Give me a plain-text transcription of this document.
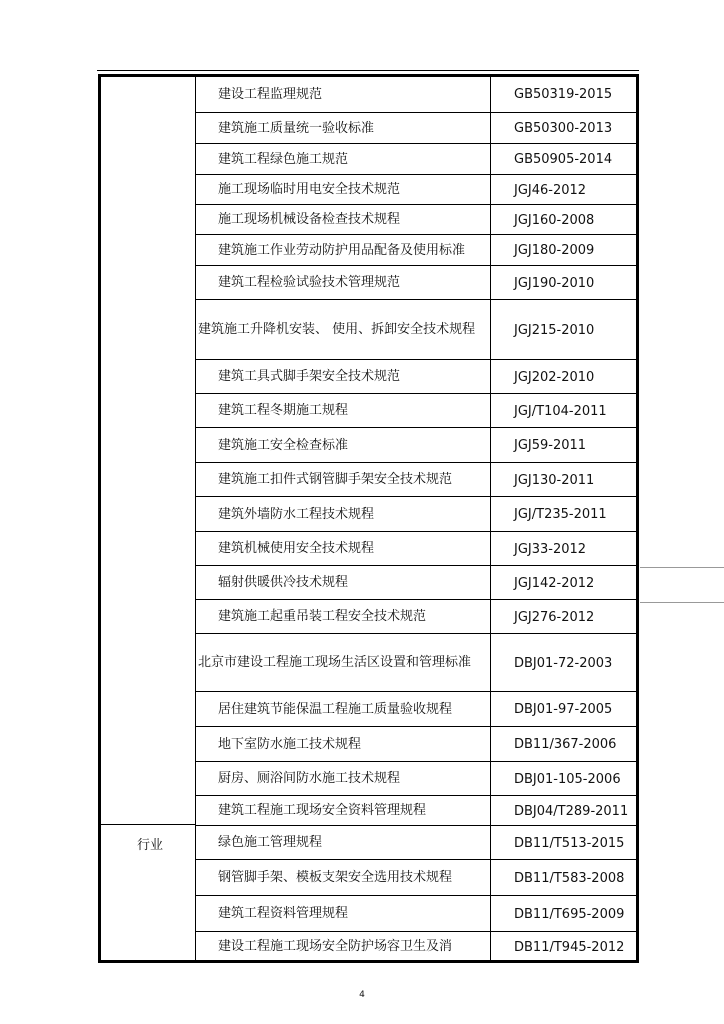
行业
建设工程监理规范	GB50319-2015
建筑施工质量统一验收标准	GB50300-2013
建筑工程绿色施工规范	GB50905-2014
施工现场临时用电安全技术规范	JGJ46-2012
施工现场机械设备检查技术规程	JGJ160-2008
建筑施工作业劳动防护用品配备及使用标准	JGJ180-2009
建筑工程检验试验技术管理规范	JGJ190-2010
建筑施工升降机安装、 使用、拆卸安全技术规程	JGJ215-2010
建筑工具式脚手架安全技术规范	JGJ202-2010
建筑工程冬期施工规程	JGJ/T104-2011
建筑施工安全检查标准	JGJ59-2011
建筑施工扣件式钢管脚手架安全技术规范	JGJ130-2011
建筑外墙防水工程技术规程	JGJ/T235-2011
建筑机械使用安全技术规程	JGJ33-2012
辐射供暖供冷技术规程	JGJ142-2012
建筑施工起重吊装工程安全技术规范	JGJ276-2012
北京市建设工程施工现场生活区设置和管理标准	DBJ01-72-2003
居住建筑节能保温工程施工质量验收规程	DBJ01-97-2005
地下室防水施工技术规程	DB11/367-2006
厨房、厕浴间防水施工技术规程	DBJ01-105-2006
建筑工程施工现场安全资料管理规程	DBJ04/T289-2011
绿色施工管理规程	DB11/T513-2015
钢管脚手架、模板支架安全选用技术规程	DB11/T583-2008
建筑工程资料管理规程	DB11/T695-2009
建设工程施工现场安全防护场容卫生及消	DB11/T945-2012
4
